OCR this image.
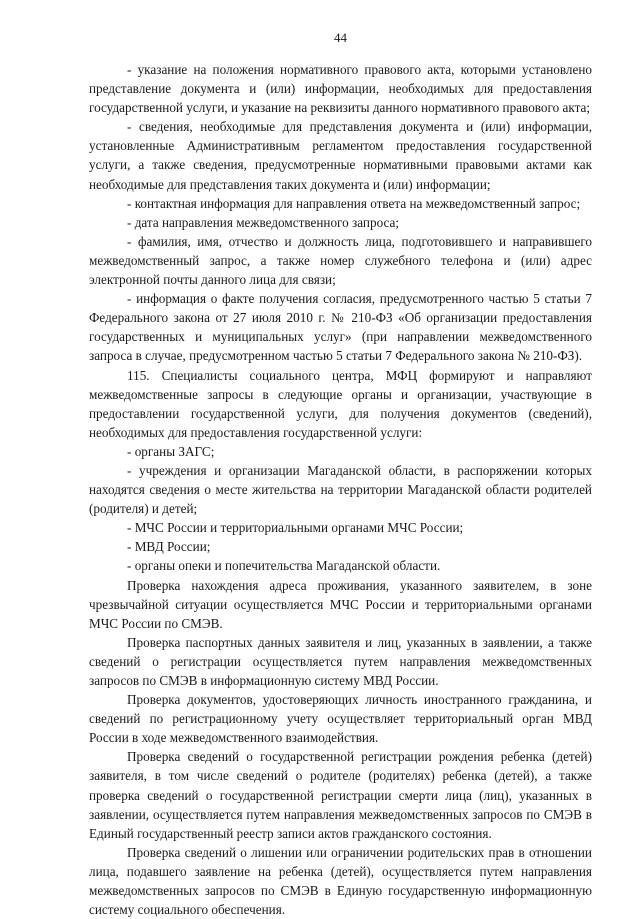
44

- указание на положения нормативного правового акта, которыми установлено представление документа и (или) информации, необходимых для предоставления государственной услуги, и указание на реквизиты данного нормативного правового акта;

- сведения, необходимые для представления документа и (или) информации, установленные Административным регламентом предоставления государственной услуги, а также сведения, предусмотренные нормативными правовыми актами как необходимые для представления таких документа и (или) информации;

- контактная информация для направления ответа на межведомственный запрос;

- дата направления межведомственного запроса;

- фамилия, имя, отчество и должность лица, подготовившего и направившего межведомственный запрос, а также номер служебного телефона и (или) адрес электронной почты данного лица для связи;

- информация о факте получения согласия, предусмотренного частью 5 статьи 7 Федерального закона от 27 июля 2010 г. № 210-ФЗ «Об организации предоставления государственных и муниципальных услуг» (при направлении межведомственного запроса в случае, предусмотренном частью 5 статьи 7 Федерального закона № 210-ФЗ).

115. Специалисты социального центра, МФЦ формируют и направляют межведомственные запросы в следующие органы и организации, участвующие в предоставлении государственной услуги, для получения документов (сведений), необходимых для предоставления государственной услуги:

- органы ЗАГС;

- учреждения и организации Магаданской области, в распоряжении которых находятся сведения о месте жительства на территории Магаданской области родителей (родителя) и детей;

- МЧС России и территориальными органами МЧС России;

- МВД России;

- органы опеки и попечительства Магаданской области.

Проверка нахождения адреса проживания, указанного заявителем, в зоне чрезвычайной ситуации осуществляется МЧС России и территориальными органами МЧС России по СМЭВ.

Проверка паспортных данных заявителя и лиц, указанных в заявлении, а также сведений о регистрации осуществляется путем направления межведомственных запросов по СМЭВ в информационную систему МВД России.

Проверка документов, удостоверяющих личность иностранного гражданина, и сведений по регистрационному учету осуществляет территориальный орган МВД России в ходе межведомственного взаимодействия.

Проверка сведений о государственной регистрации рождения ребенка (детей) заявителя, в том числе сведений о родителе (родителях) ребенка (детей), а также проверка сведений о государственной регистрации смерти лица (лиц), указанных в заявлении, осуществляется путем направления межведомственных запросов по СМЭВ в Единый государственный реестр записи актов гражданского состояния.

Проверка сведений о лишении или ограничении родительских прав в отношении лица, подавшего заявление на ребенка (детей), осуществляется путем направления межведомственных запросов по СМЭВ в Единую государственную информационную систему социального обеспечения.
